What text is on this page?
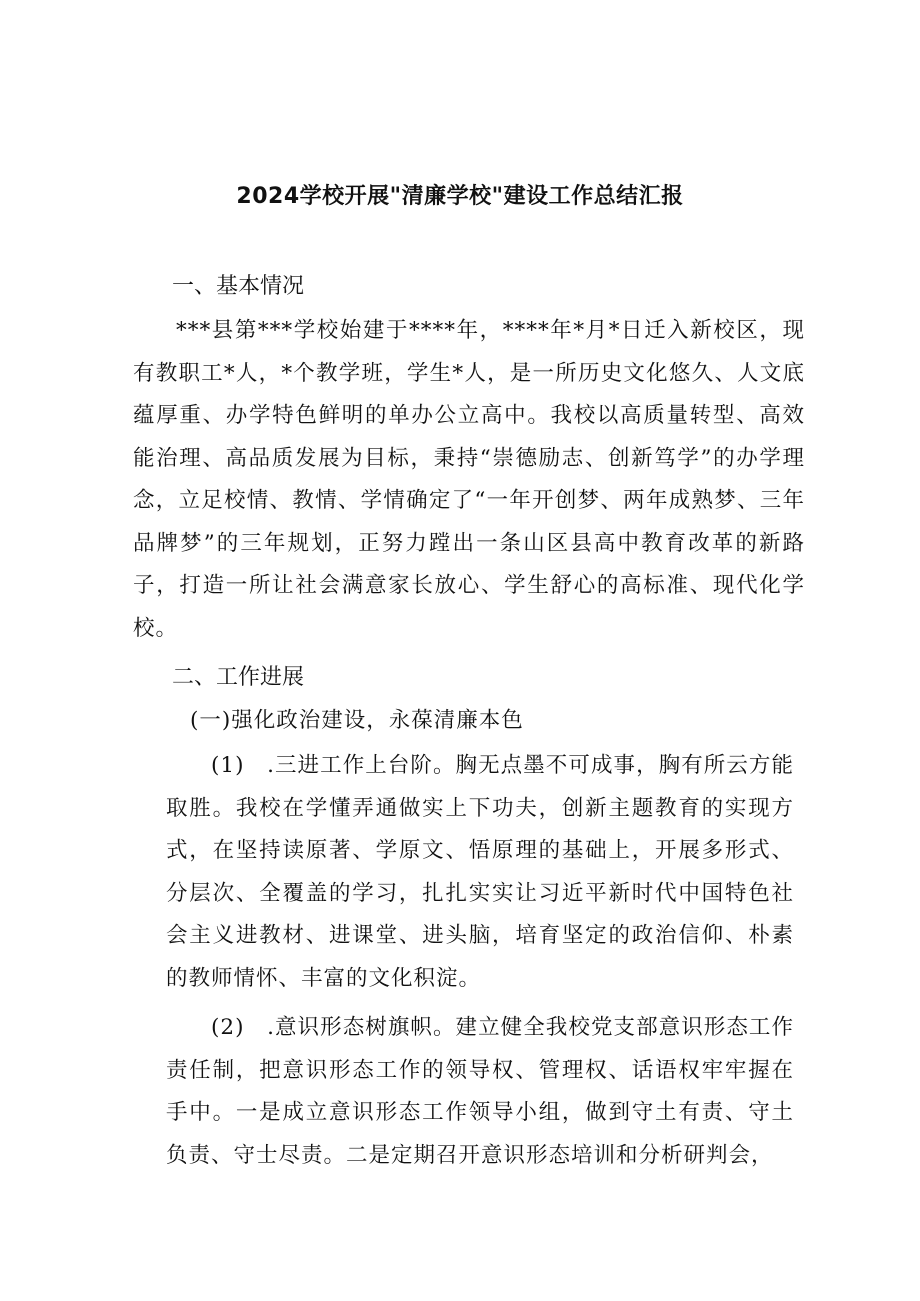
2024学校开展"清廉学校"建设工作总结汇报
一、基本情况

***县第***学校始建于****年，****年*月*日迁入新校区，现有教职工*人，*个教学班，学生*人，是一所历史文化悠久、人文底蕴厚重、办学特色鲜明的单办公立高中。我校以高质量转型、高效能治理、高品质发展为目标，秉持“崇德励志、创新笃学”的办学理念，立足校情、教情、学情确定了“一年开创梦、两年成熟梦、三年品牌梦”的三年规划，正努力蹚出一条山区县高中教育改革的新路子，打造一所让社会满意家长放心、学生舒心的高标准、现代化学校。

二、工作进展
(一)强化政治建设，永葆清廉本色

(1)　.三进工作上台阶。胸无点墨不可成事，胸有所云方能取胜。我校在学懂弄通做实上下功夫，创新主题教育的实现方式，在坚持读原著、学原文、悟原理的基础上，开展多形式、分层次、全覆盖的学习，扎扎实实让习近平新时代中国特色社会主义进教材、进课堂、进头脑，培育坚定的政治信仰、朴素的教师情怀、丰富的文化积淀。

(2)　.意识形态树旗帜。建立健全我校党支部意识形态工作责任制，把意识形态工作的领导权、管理权、话语权牢牢握在手中。一是成立意识形态工作领导小组，做到守土有责、守土负责、守士尽责。二是定期召开意识形态培训和分析研判会，
